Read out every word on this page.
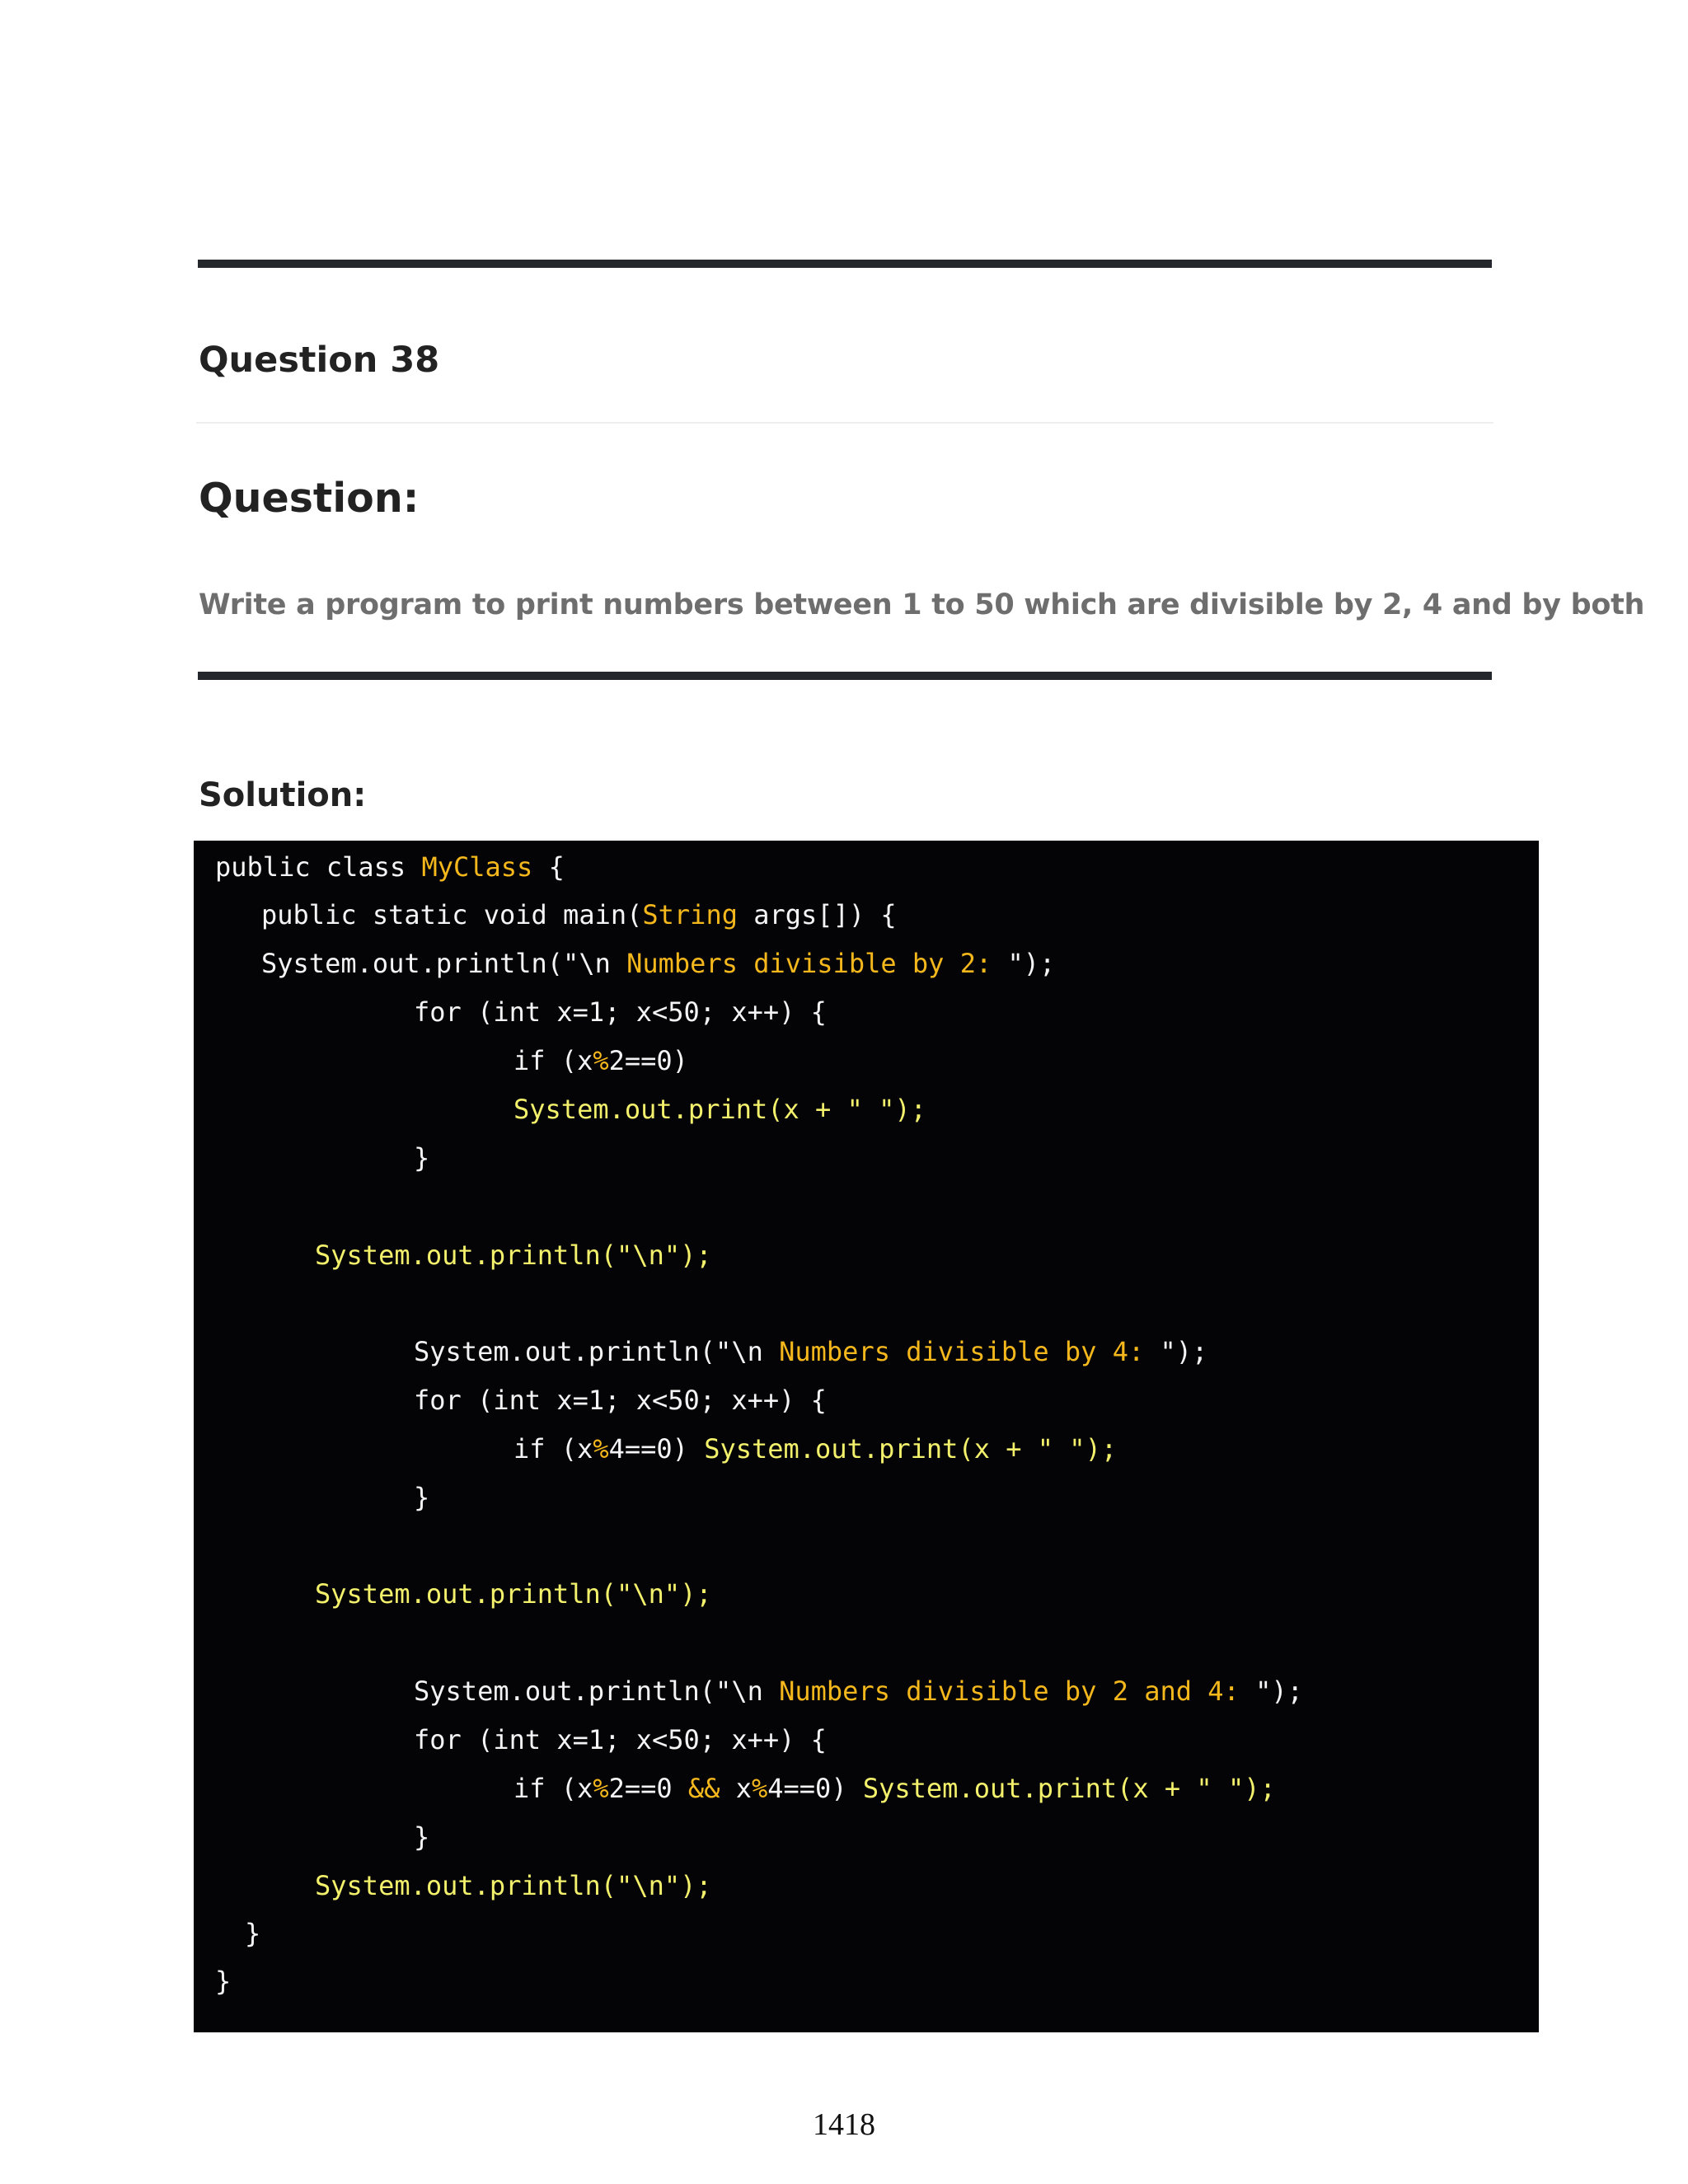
Question 38
Question:

Write a program to print numbers between 1 to 50 which are divisible by 2, 4 and by both

Solution:
public class MyClass {
public static void main(String args[]) {
System.out.println("\n Numbers divisible by 2: ");
for (int x=1; x<50; x++) {
if (x%2==0)
System.out.print(x + " ");
}
System.out.println("\n");
System.out.println("\n Numbers divisible by 4: ");
for (int x=1; x<50; x++) {
if (x%4==0) System.out.print(x + " ");
}
System.out.println("\n");
System.out.println("\n Numbers divisible by 2 and 4: ");
for (int x=1; x<50; x++) {
if (x%2==0 && x%4==0) System.out.print(x + " ");
}
System.out.println("\n");
}
}

1418
